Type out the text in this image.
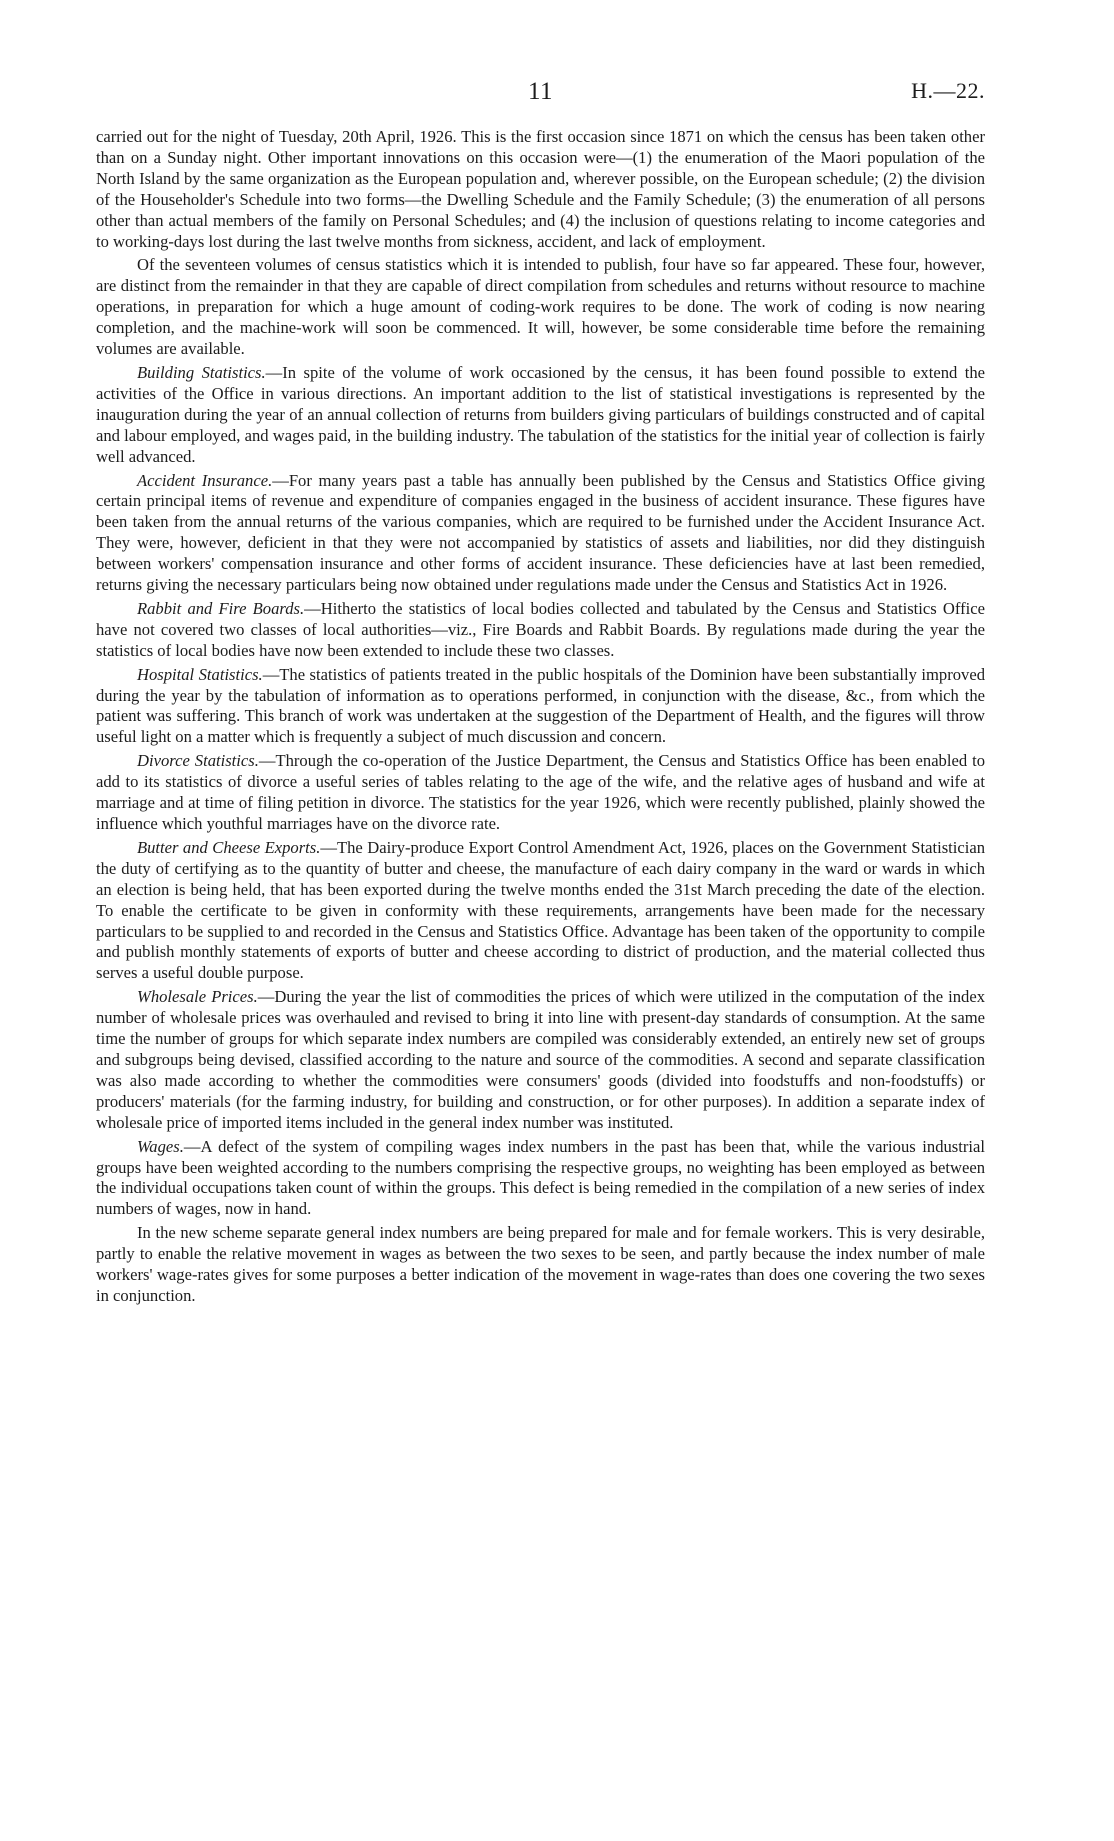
11	H.—22.

carried out for the night of Tuesday, 20th April, 1926. This is the first occasion since 1871 on which the census has been taken other than on a Sunday night. Other important innovations on this occasion were—(1) the enumeration of the Maori population of the North Island by the same organization as the European population and, wherever possible, on the European schedule; (2) the division of the Householder's Schedule into two forms—the Dwelling Schedule and the Family Schedule; (3) the enumeration of all persons other than actual members of the family on Personal Schedules; and (4) the inclusion of questions relating to income categories and to working-days lost during the last twelve months from sickness, accident, and lack of employment.

Of the seventeen volumes of census statistics which it is intended to publish, four have so far appeared. These four, however, are distinct from the remainder in that they are capable of direct compilation from schedules and returns without resource to machine operations, in preparation for which a huge amount of coding-work requires to be done. The work of coding is now nearing completion, and the machine-work will soon be commenced. It will, however, be some considerable time before the remaining volumes are available.

Building Statistics.—In spite of the volume of work occasioned by the census, it has been found possible to extend the activities of the Office in various directions. An important addition to the list of statistical investigations is represented by the inauguration during the year of an annual collection of returns from builders giving particulars of buildings constructed and of capital and labour employed, and wages paid, in the building industry. The tabulation of the statistics for the initial year of collection is fairly well advanced.

Accident Insurance.—For many years past a table has annually been published by the Census and Statistics Office giving certain principal items of revenue and expenditure of companies engaged in the business of accident insurance. These figures have been taken from the annual returns of the various companies, which are required to be furnished under the Accident Insurance Act. They were, however, deficient in that they were not accompanied by statistics of assets and liabilities, nor did they distinguish between workers' compensation insurance and other forms of accident insurance. These deficiencies have at last been remedied, returns giving the necessary particulars being now obtained under regulations made under the Census and Statistics Act in 1926.

Rabbit and Fire Boards.—Hitherto the statistics of local bodies collected and tabulated by the Census and Statistics Office have not covered two classes of local authorities—viz., Fire Boards and Rabbit Boards. By regulations made during the year the statistics of local bodies have now been extended to include these two classes.

Hospital Statistics.—The statistics of patients treated in the public hospitals of the Dominion have been substantially improved during the year by the tabulation of information as to operations performed, in conjunction with the disease, &c., from which the patient was suffering. This branch of work was undertaken at the suggestion of the Department of Health, and the figures will throw useful light on a matter which is frequently a subject of much discussion and concern.

Divorce Statistics.—Through the co-operation of the Justice Department, the Census and Statistics Office has been enabled to add to its statistics of divorce a useful series of tables relating to the age of the wife, and the relative ages of husband and wife at marriage and at time of filing petition in divorce. The statistics for the year 1926, which were recently published, plainly showed the influence which youthful marriages have on the divorce rate.

Butter and Cheese Exports.—The Dairy-produce Export Control Amendment Act, 1926, places on the Government Statistician the duty of certifying as to the quantity of butter and cheese, the manufacture of each dairy company in the ward or wards in which an election is being held, that has been exported during the twelve months ended the 31st March preceding the date of the election. To enable the certificate to be given in conformity with these requirements, arrangements have been made for the necessary particulars to be supplied to and recorded in the Census and Statistics Office. Advantage has been taken of the opportunity to compile and publish monthly statements of exports of butter and cheese according to district of production, and the material collected thus serves a useful double purpose.

Wholesale Prices.—During the year the list of commodities the prices of which were utilized in the computation of the index number of wholesale prices was overhauled and revised to bring it into line with present-day standards of consumption. At the same time the number of groups for which separate index numbers are compiled was considerably extended, an entirely new set of groups and subgroups being devised, classified according to the nature and source of the commodities. A second and separate classification was also made according to whether the commodities were consumers' goods (divided into foodstuffs and non-foodstuffs) or producers' materials (for the farming industry, for building and construction, or for other purposes). In addition a separate index of wholesale price of imported items included in the general index number was instituted.

Wages.—A defect of the system of compiling wages index numbers in the past has been that, while the various industrial groups have been weighted according to the numbers comprising the respective groups, no weighting has been employed as between the individual occupations taken count of within the groups. This defect is being remedied in the compilation of a new series of index numbers of wages, now in hand.

In the new scheme separate general index numbers are being prepared for male and for female workers. This is very desirable, partly to enable the relative movement in wages as between the two sexes to be seen, and partly because the index number of male workers' wage-rates gives for some purposes a better indication of the movement in wage-rates than does one covering the two sexes in conjunction.
